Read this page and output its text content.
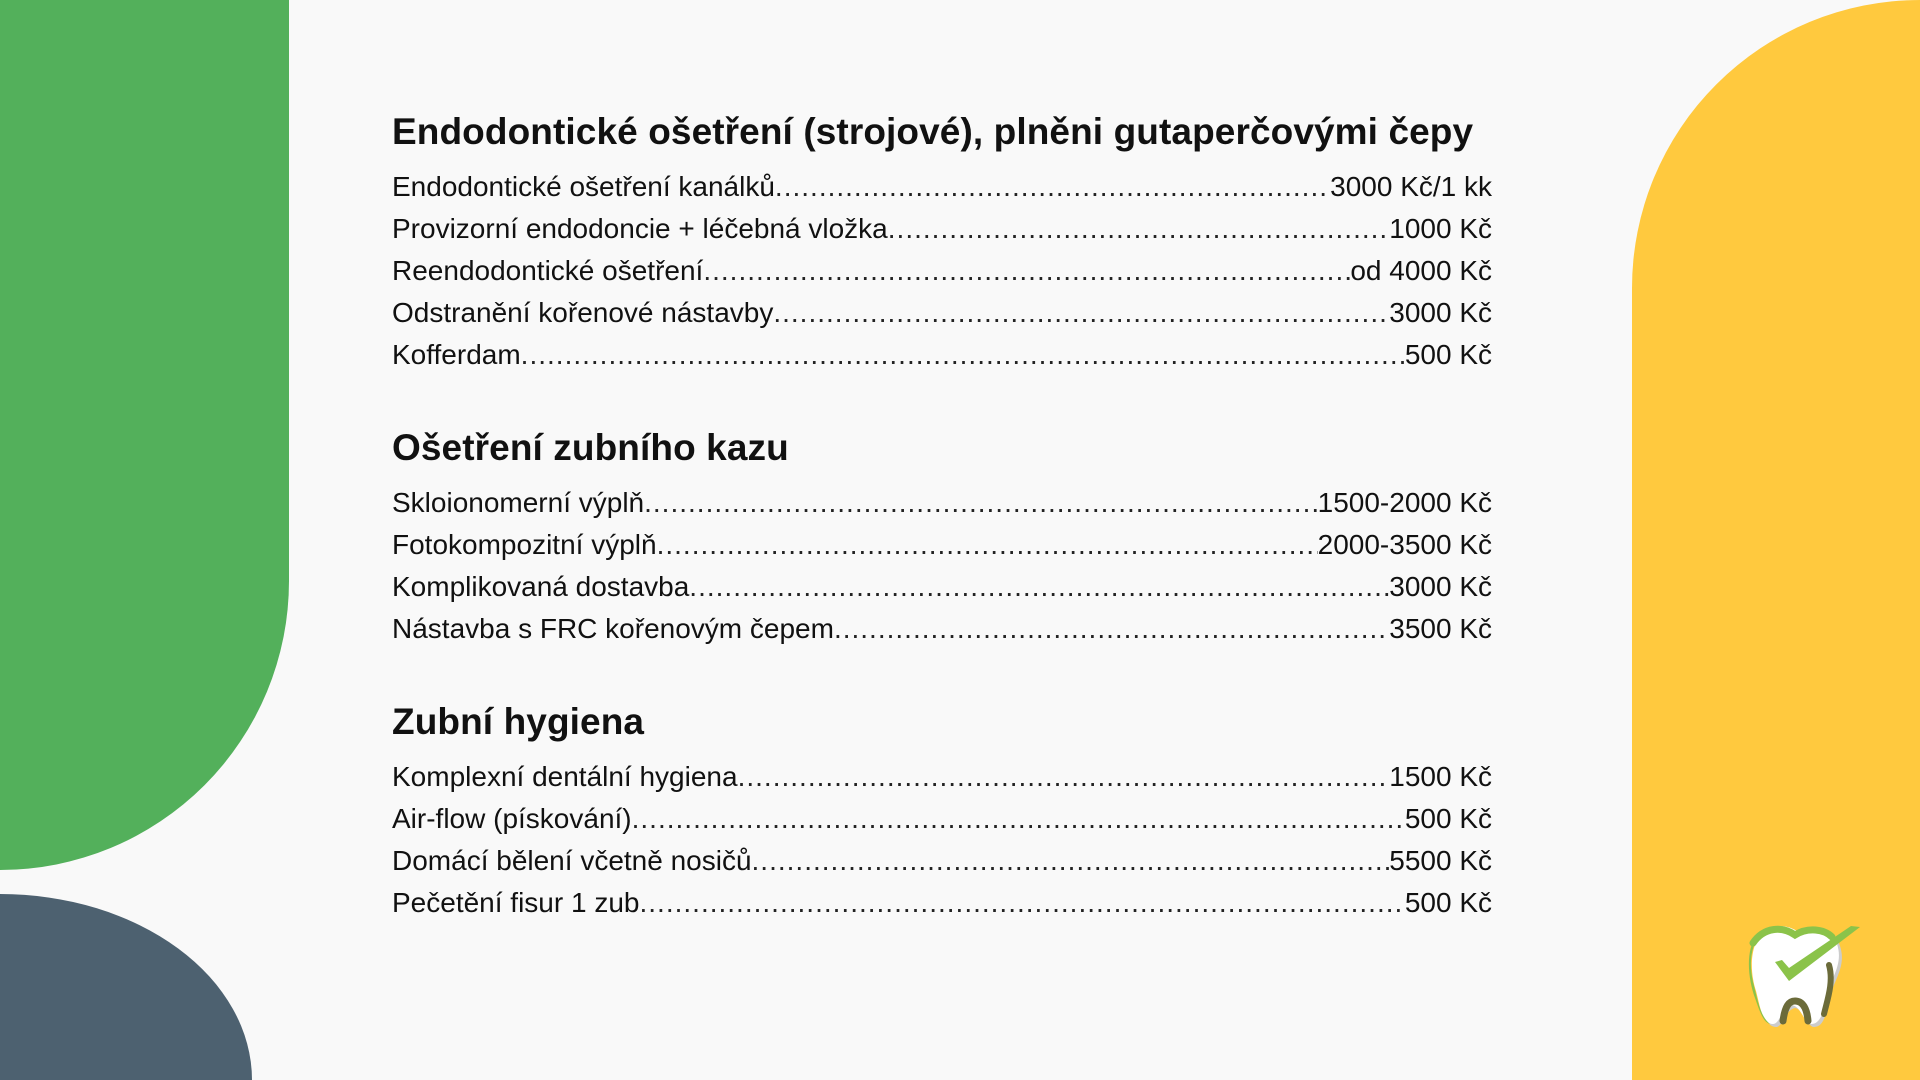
Endodontické ošetření (strojové), plněni gutaperčovými čepy
Endodontické ošetření kanálků .....	3000 Kč/1 kk
Provizorní endodoncie + léčebná vložka .....	1000 Kč
Reendodontické ošetření .....	od 4000 Kč
Odstranění kořenové nástavby .....	3000 Kč
Kofferdam .....	500 Kč
Ošetření zubního kazu
Skloionomerní výplň .....	1500-2000 Kč
Fotokompozitní výplň .....	2000-3500 Kč
Komplikovaná dostavba .....	3000 Kč
Nástavba s FRC kořenovým čepem .....	3500 Kč
Zubní hygiena
Komplexní dentální hygiena .....	1500 Kč
Air-flow (pískování) .....	500 Kč
Domácí bělení včetně nosičů .....	5500 Kč
Pečetění fisur 1 zub .....	500 Kč
